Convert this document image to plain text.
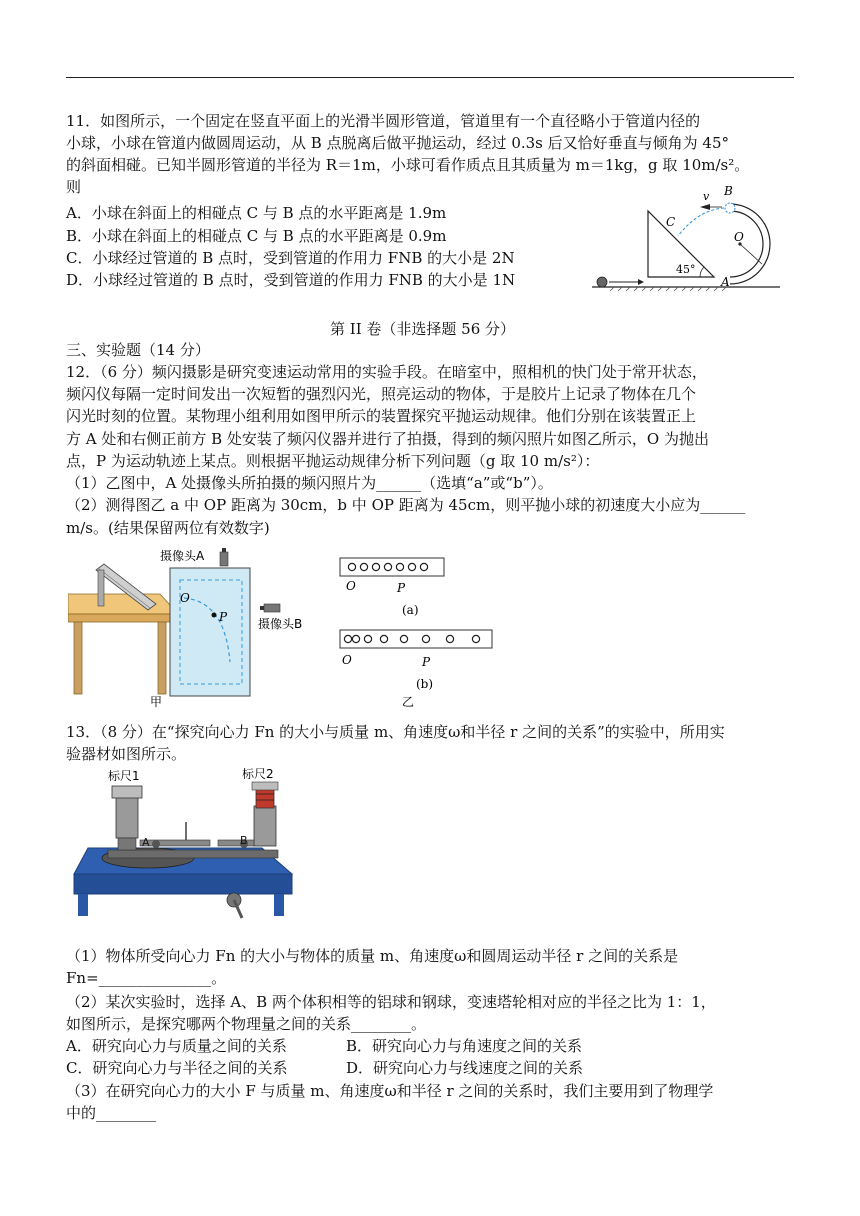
11．如图所示，一个固定在竖直平面上的光滑半圆形管道，管道里有一个直径略小于管道内径的
小球，小球在管道内做圆周运动，从 B 点脱离后做平抛运动，经过 0.3s 后又恰好垂直与倾角为 45°
的斜面相碰。已知半圆形管道的半径为 R＝1m，小球可看作质点且其质量为 m＝1kg，g 取 10m/s²。
则
A．小球在斜面上的相碰点 C 与 B 点的水平距离是 1.9m
B．小球在斜面上的相碰点 C 与 B 点的水平距离是 0.9m
C．小球经过管道的 B 点时，受到管道的作用力 FNB 的大小是 2N
D．小球经过管道的 B 点时，受到管道的作用力 FNB 的大小是 1N
v B
C
O
A
45°
第 II 卷（非选择题 56 分）
三、实验题（14 分）
12．（6 分）频闪摄影是研究变速运动常用的实验手段。在暗室中，照相机的快门处于常开状态，
频闪仪每隔一定时间发出一次短暂的强烈闪光，照亮运动的物体，于是胶片上记录了物体在几个
闪光时刻的位置。某物理小组利用如图甲所示的装置探究平抛运动规律。他们分别在该装置正上
方 A 处和右侧正前方 B 处安装了频闪仪器并进行了拍摄，得到的频闪照片如图乙所示，O 为抛出
点，P 为运动轨迹上某点。则根据平抛运动规律分析下列问题（g 取 10 m/s²）：
（1）乙图中，A 处摄像头所拍摄的频闪照片为______（选填“a”或“b”）。
（2）测得图乙 a 中 OP 距离为 30cm，b 中 OP 距离为 45cm，则平抛小球的初速度大小应为______
m/s。(结果保留两位有效数字)
摄像头A
摄像头B
O
P
甲
O	P
(a)
O	P
(b)
乙
13．（8 分）在“探究向心力 Fn 的大小与质量 m、角速度ω和半径 r 之间的关系”的实验中，所用实
验器材如图所示。
标尺1	标尺2
A	B
（1）物体所受向心力 Fn 的大小与物体的质量 m、角速度ω和圆周运动半径 r 之间的关系是
Fn=_______________。
（2）某次实验时，选择 A、B 两个体积相等的铝球和钢球，变速塔轮相对应的半径之比为 1：1，
如图所示，是探究哪两个物理量之间的关系________。
A．研究向心力与质量之间的关系	B．研究向心力与角速度之间的关系
C．研究向心力与半径之间的关系	D．研究向心力与线速度之间的关系
（3）在研究向心力的大小 F 与质量 m、角速度ω和半径 r 之间的关系时，我们主要用到了物理学
中的________
